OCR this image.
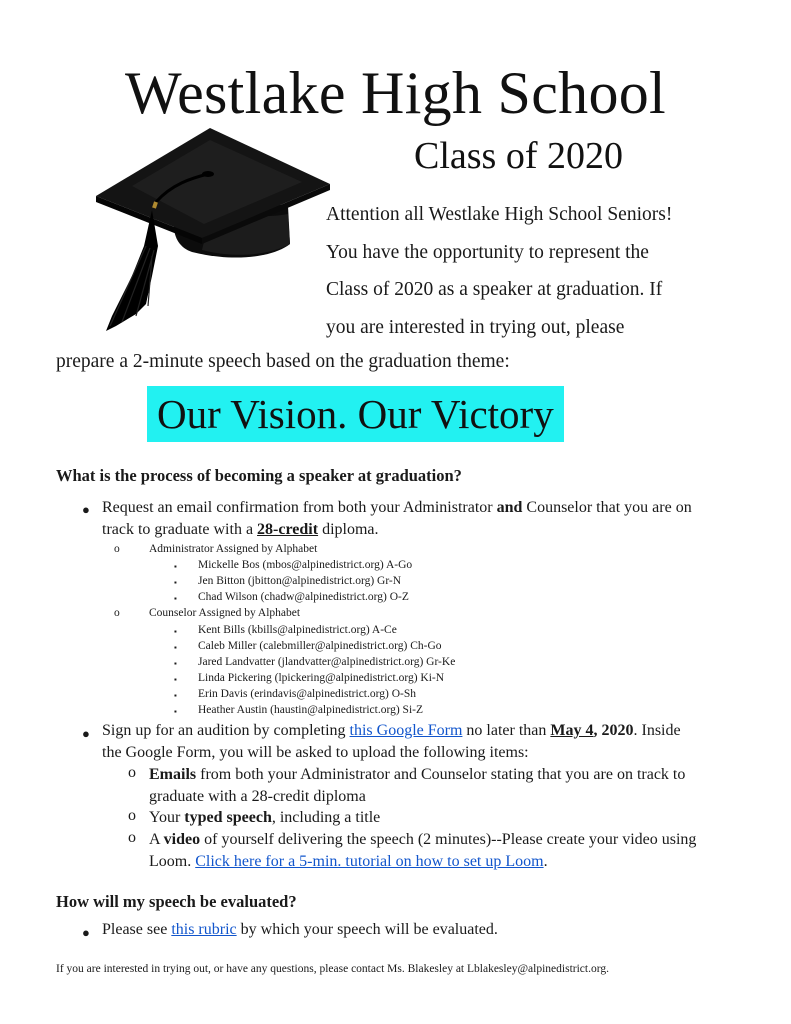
Westlake High School
Class of 2020
Attention all Westlake High School Seniors!
You have the opportunity to represent the
Class of 2020 as a speaker at graduation. If
you are interested in trying out, please
prepare a 2-minute speech based on the graduation theme:
Our Vision. Our Victory
What is the process of becoming a speaker at graduation?
● Request an email confirmation from both your Administrator and Counselor that you are on
track to graduate with a 28-credit diploma.
o	Administrator Assigned by Alphabet
▪ Mickelle Bos (mbos@alpinedistrict.org) A-Go
▪ Jen Bitton (jbitton@alpinedistrict.org) Gr-N
▪ Chad Wilson (chadw@alpinedistrict.org) O-Z
o	Counselor Assigned by Alphabet
▪ Kent Bills (kbills@alpinedistrict.org) A-Ce
▪ Caleb Miller (calebmiller@alpinedistrict.org) Ch-Go
▪ Jared Landvatter (jlandvatter@alpinedistrict.org) Gr-Ke
▪ Linda Pickering (lpickering@alpinedistrict.org) Ki-N
▪ Erin Davis (erindavis@alpinedistrict.org) O-Sh
▪ Heather Austin (haustin@alpinedistrict.org) Si-Z
● Sign up for an audition by completing this Google Form no later than May 4, 2020. Inside
the Google Form, you will be asked to upload the following items:
o Emails from both your Administrator and Counselor stating that you are on track to
graduate with a 28-credit diploma
o Your typed speech, including a title
o A video of yourself delivering the speech (2 minutes)--Please create your video using
Loom. Click here for a 5-min. tutorial on how to set up Loom.
How will my speech be evaluated?
● Please see this rubric by which your speech will be evaluated.
If you are interested in trying out, or have any questions, please contact Ms. Blakesley at Lblakesley@alpinedistrict.org.
